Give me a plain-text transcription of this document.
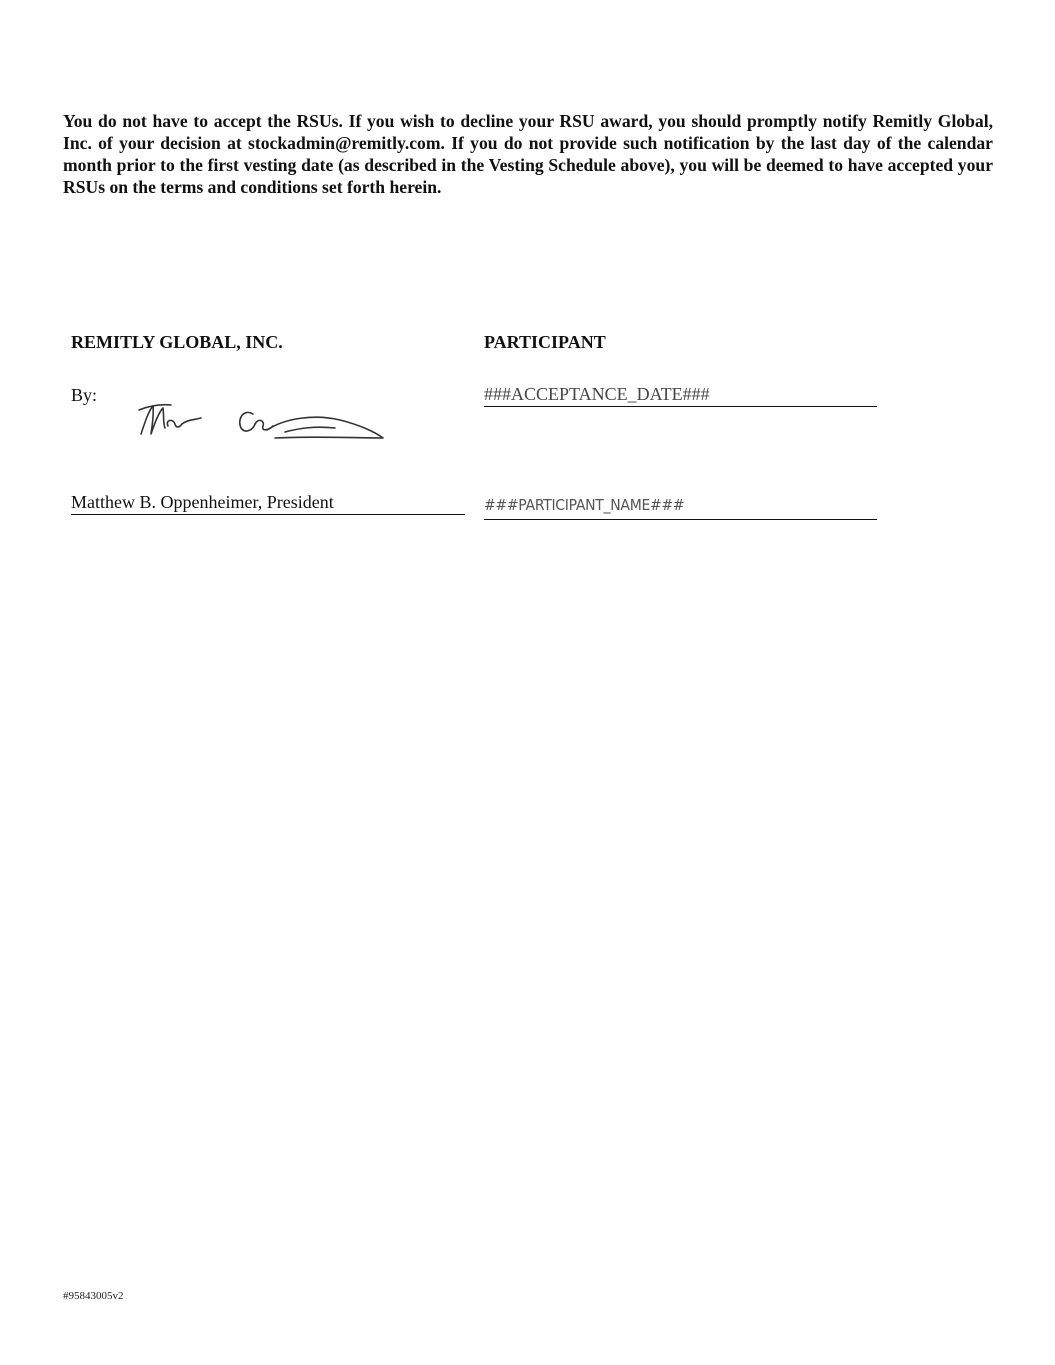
You do not have to accept the RSUs. If you wish to decline your RSU award, you should promptly notify Remitly Global, Inc. of your decision at stockadmin@remitly.com. If you do not provide such notification by the last day of the calendar month prior to the first vesting date (as described in the Vesting Schedule above), you will be deemed to have accepted your RSUs on the terms and conditions set forth herein.

REMITLY GLOBAL, INC.
By:
Matthew B. Oppenheimer, President
PARTICIPANT
###ACCEPTANCE_DATE###
###PARTICIPANT_NAME###
#95843005v2
